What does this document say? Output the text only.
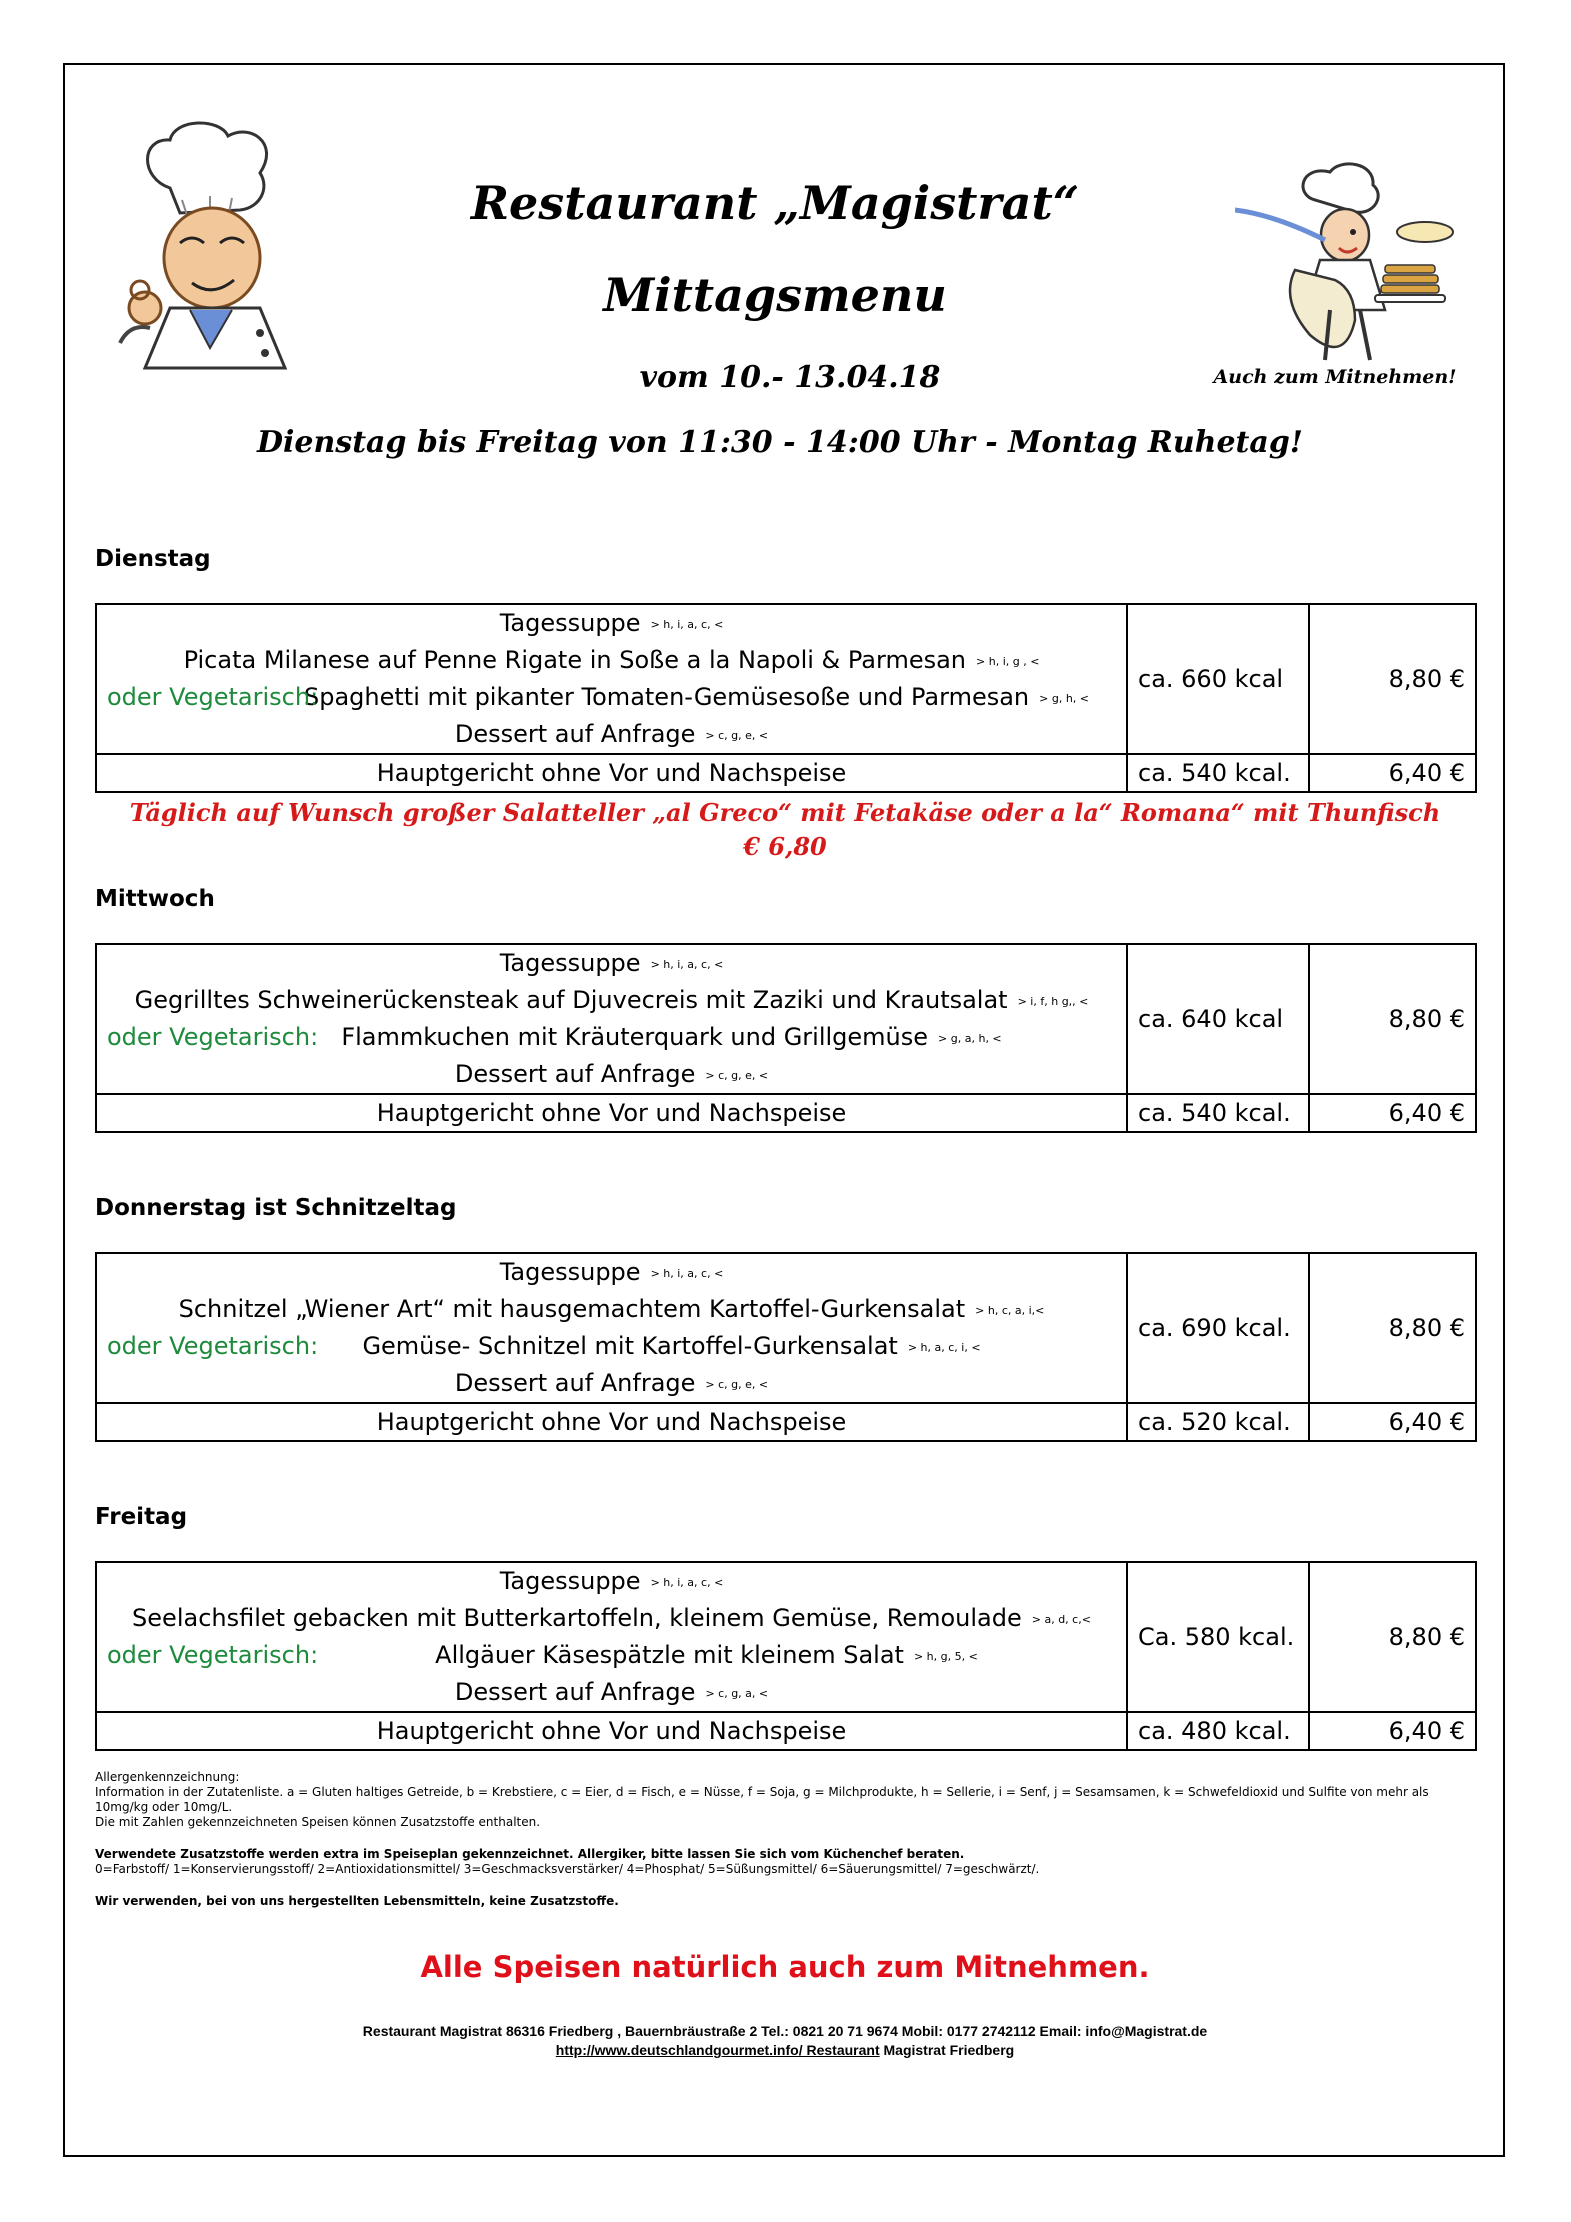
Restaurant „Magistrat“
Mittagsmenu
vom 10.- 13.04.18	Auch zum Mitnehmen!
Dienstag bis Freitag von 11:30 - 14:00 Uhr - Montag Ruhetag!
Dienstag
Tagessuppe > h, i, a, c, <
Picata Milanese auf Penne Rigate in Soße a la Napoli & Parmesan > h, i, g , <
oder Vegetarisch:
Spaghetti mit pikanter Tomaten-Gemüsesoße und Parmesan > g, h, <
Dessert auf Anfrage > c, g, e, <	ca. 660 kcal	8,80 €
Hauptgericht ohne Vor und Nachspeise	ca. 540 kcal.	6,40 €
Täglich auf Wunsch großer Salatteller „al Greco“ mit Fetakäse oder a la“ Romana“ mit Thunfisch
€ 6,80
Mittwoch
Tagessuppe > h, i, a, c, <
Gegrilltes Schweinerückensteak auf Djuvecreis mit Zaziki und Krautsalat > i, f, h g,, <
oder Vegetarisch: Flammkuchen mit Kräuterquark und Grillgemüse > g, a, h, <
Dessert auf Anfrage > c, g, e, <	ca. 640 kcal	8,80 €
Hauptgericht ohne Vor und Nachspeise	ca. 540 kcal.	6,40 €
Donnerstag ist Schnitzeltag
Tagessuppe > h, i, a, c, <
Schnitzel „Wiener Art“ mit hausgemachtem Kartoffel-Gurkensalat > h, c, a, i,<
oder Vegetarisch: Gemüse- Schnitzel mit Kartoffel-Gurkensalat > h, a, c, i, <
Dessert auf Anfrage > c, g, e, <	ca. 690 kcal.	8,80 €
Hauptgericht ohne Vor und Nachspeise	ca. 520 kcal.	6,40 €
Freitag
Tagessuppe > h, i, a, c, <
Seelachsfilet gebacken mit Butterkartoffeln, kleinem Gemüse, Remoulade > a, d, c,<
oder Vegetarisch: Allgäuer Käsespätzle mit kleinem Salat > h, g, 5, <
Dessert auf Anfrage > c, g, a, <	Ca. 580 kcal.	8,80 €
Hauptgericht ohne Vor und Nachspeise	ca. 480 kcal.	6,40 €

Allergenkennzeichnung:

Information in der Zutatenliste. a = Gluten haltiges Getreide, b = Krebstiere, c = Eier, d = Fisch, e = Nüsse, f = Soja, g = Milchprodukte, h = Sellerie, i = Senf, j = Sesamsamen, k = Schwefeldioxid und Sulfite von mehr als 10mg/kg oder 10mg/L.

Die mit Zahlen gekennzeichneten Speisen können Zusatzstoffe enthalten.

Verwendete Zusatzstoffe werden extra im Speiseplan gekennzeichnet. Allergiker, bitte lassen Sie sich vom Küchenchef beraten.

0=Farbstoff/ 1=Konservierungsstoff/ 2=Antioxidationsmittel/ 3=Geschmacksverstärker/ 4=Phosphat/ 5=Süßungsmittel/ 6=Säuerungsmittel/ 7=geschwärzt/.

Wir verwenden, bei von uns hergestellten Lebensmitteln, keine Zusatzstoffe.

Alle Speisen natürlich auch zum Mitnehmen.
Restaurant Magistrat 86316 Friedberg , Bauernbräustraße 2 Tel.: 0821 20 71 9674 Mobil: 0177 2742112 Email: info@Magistrat.de
http://www.deutschlandgourmet.info/ Restaurant Magistrat Friedberg
